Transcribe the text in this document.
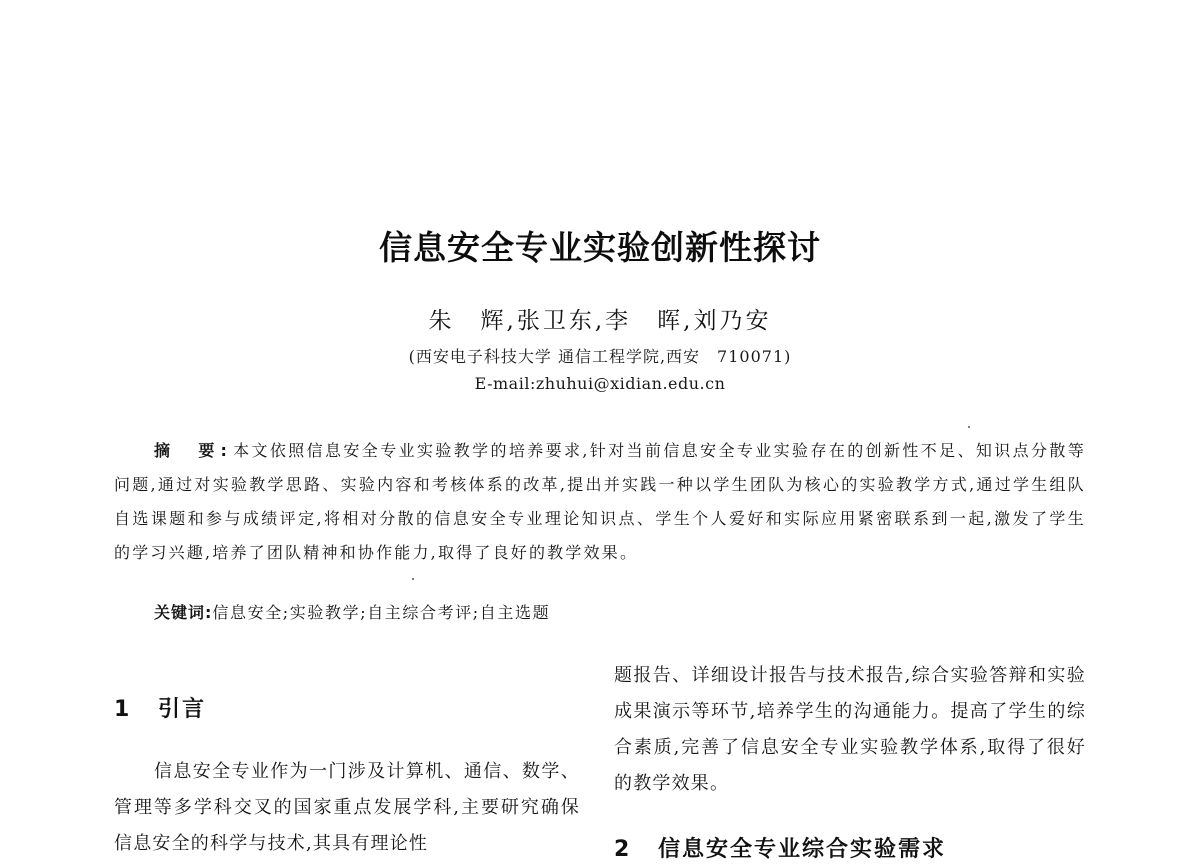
信息安全专业实验创新性探讨
朱　辉,张卫东,李　晖,刘乃安
(西安电子科技大学 通信工程学院,西安　710071)
E-mail:zhuhui@xidian.edu.cn

摘　要:本文依照信息安全专业实验教学的培养要求,针对当前信息安全专业实验存在的创新性不足、知识点分散等问题,通过对实验教学思路、实验内容和考核体系的改革,提出并实践一种以学生团队为核心的实验教学方式,通过学生组队自选课题和参与成绩评定,将相对分散的信息安全专业理论知识点、学生个人爱好和实际应用紧密联系到一起,激发了学生的学习兴趣,培养了团队精神和协作能力,取得了良好的教学效果。

关键词:信息安全;实验教学;自主综合考评;自主选题
1 引言

信息安全专业作为一门涉及计算机、通信、数学、管理等多学科交叉的国家重点发展学科,主要研究确保信息安全的科学与技术,其具有理论性

题报告、详细设计报告与技术报告,综合实验答辩和实验成果演示等环节,培养学生的沟通能力。提高了学生的综合素质,完善了信息安全专业实验教学体系,取得了很好的教学效果。

2 信息安全专业综合实验需求
